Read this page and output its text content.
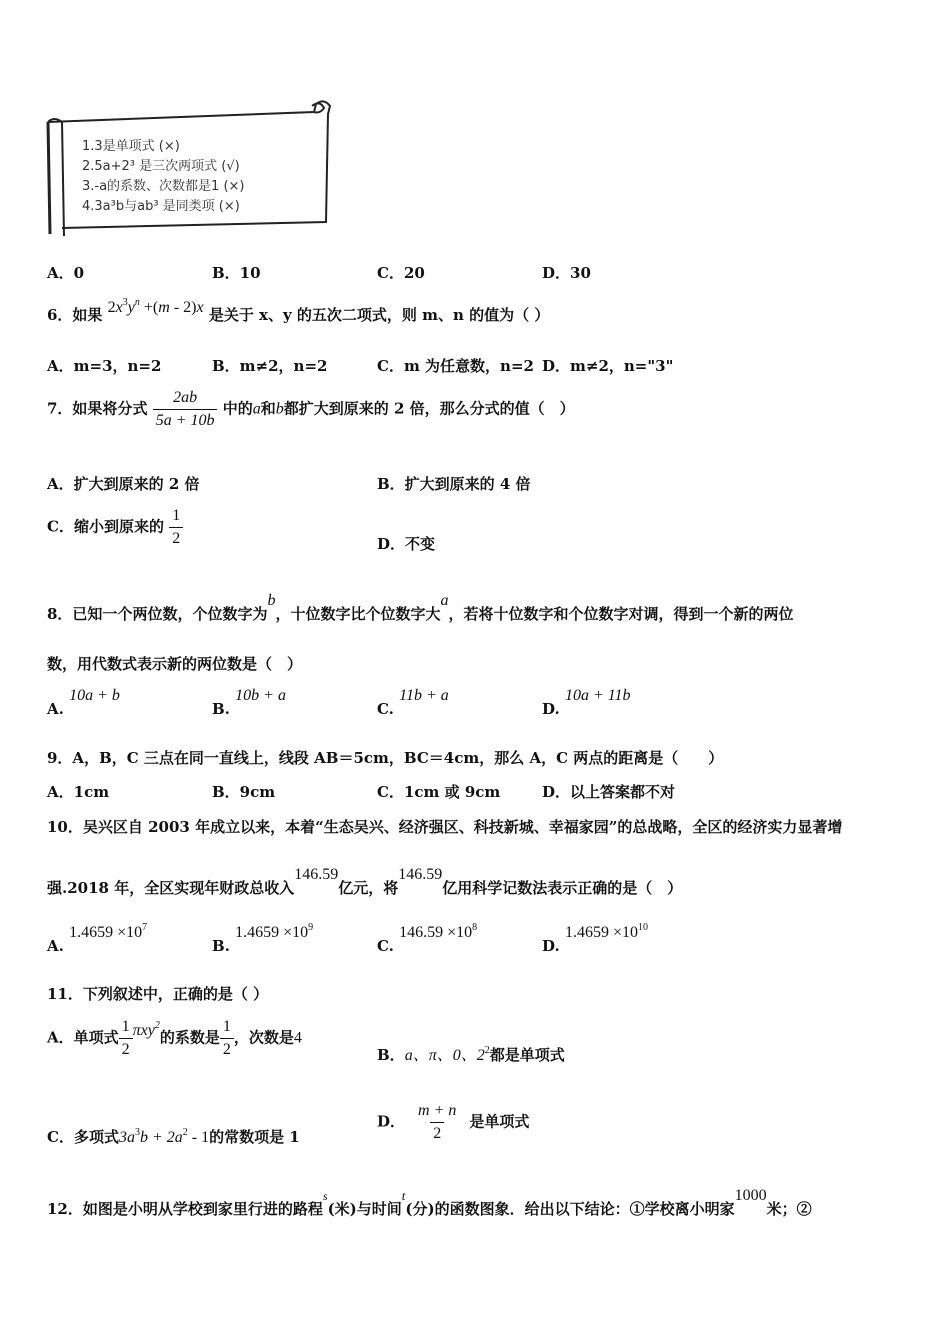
1.3是单项式 (×)
2.5a+2³ 是三次两项式 (√)
3.-a的系数、次数都是1 (×)
4.3a³b与ab³ 是同类项 (×)
A．0	B．10	C．20	D．30
6．如果 $2x^3y^n +(m - 2)x$ 是关于 x、y 的五次二项式，则 m、n 的值为（ ）
A．m=3，n=2	B．m≠2，n=2	C．m 为任意数，n=2 D．m≠2，n="3"
7．如果将分式 $\frac{2ab}{5a + 10b}$ 中的a和b都扩大到原来的 2 倍，那么分式的值（　）
A．扩大到原来的 2 倍	B．扩大到原来的 4 倍
C．缩小到原来的 $\frac{1}{2}$	D．不变
8．已知一个两位数，个位数字为b，十位数字比个位数字大a，若将十位数字和个位数字对调，得到一个新的两位
数，用代数式表示新的两位数是（　）
A. 10a + b
B. 10b + a
C. 11b + a
D. 10a + 11b
9．A，B，C 三点在同一直线上，线段 AB＝5cm，BC＝4cm，那么 A，C 两点的距离是（　　）
A．1cm	B．9cm	C．1cm 或 9cm	D．以上答案都不对
10．吴兴区自 2003 年成立以来，本着“生态吴兴、经济强区、科技新城、幸福家园”的总战略，全区的经济实力显著增
强.2018 年，全区实现年财政总收入146.59亿元，将146.59亿用科学记数法表示正确的是（　）
A. $1.4659 \times 10^7$
B. $1.4659 \times 10^9$
C. $146.59 \times 10^8$
D. $1.4659 \times 10^{10}$
11．下列叙述中，正确的是（ ）
A．单项式 $\frac{1}{2} \pi xy^2$的系数是 $\frac{1}{2}$ ，次数是4
B．a、π、0、$2^2$都是单项式
C．多项式$3a^3b + 2a^2 - 1$的常数项是 1
D． $\frac{m + n}{2}$ 是单项式
12．如图是小明从学校到家里行进的路程$^s$(米)与时间t(分)的函数图象．给出以下结论：①学校离小明家1000米；②
